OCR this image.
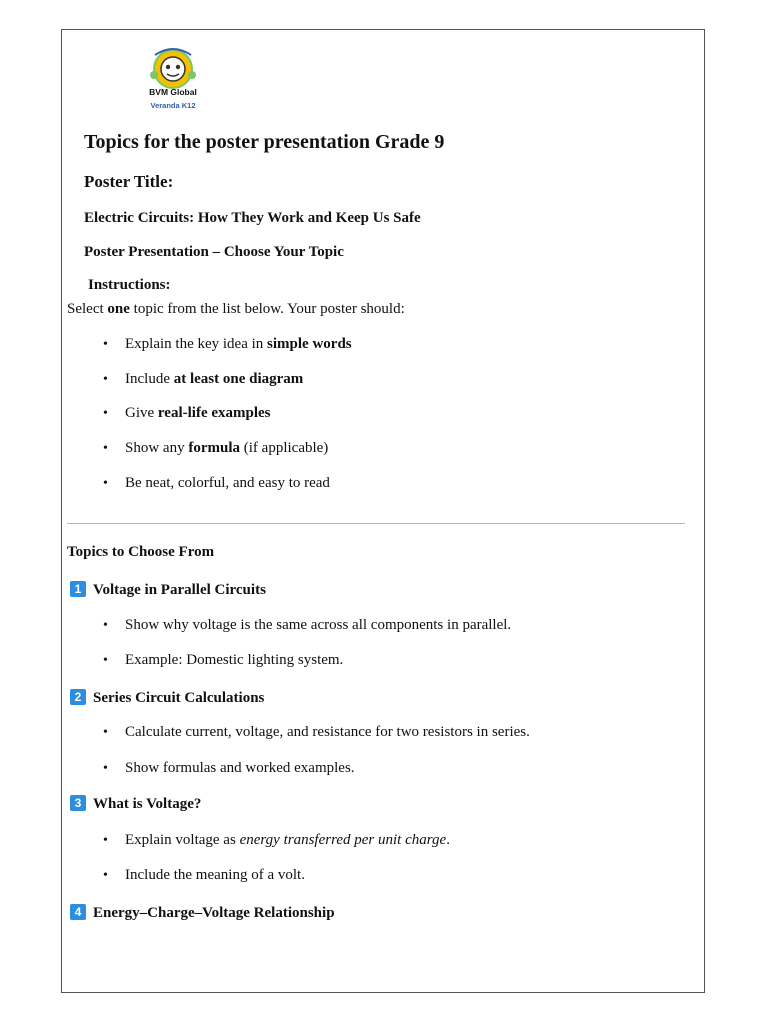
BVM Global
Veranda K12
Topics for the poster presentation Grade 9
Poster Title:
Electric Circuits: How They Work and Keep Us Safe
Poster Presentation – Choose Your Topic
Instructions:
Select one topic from the list below. Your poster should:
• Explain the key idea in simple words
• Include at least one diagram
• Give real-life examples
• Show any formula (if applicable)
• Be neat, colorful, and easy to read
Topics to Choose From
1 Voltage in Parallel Circuits
• Show why voltage is the same across all components in parallel.
• Example: Domestic lighting system.
2 Series Circuit Calculations
• Calculate current, voltage, and resistance for two resistors in series.
• Show formulas and worked examples.
3 What is Voltage?
• Explain voltage as energy transferred per unit charge.
• Include the meaning of a volt.
4 Energy–Charge–Voltage Relationship
